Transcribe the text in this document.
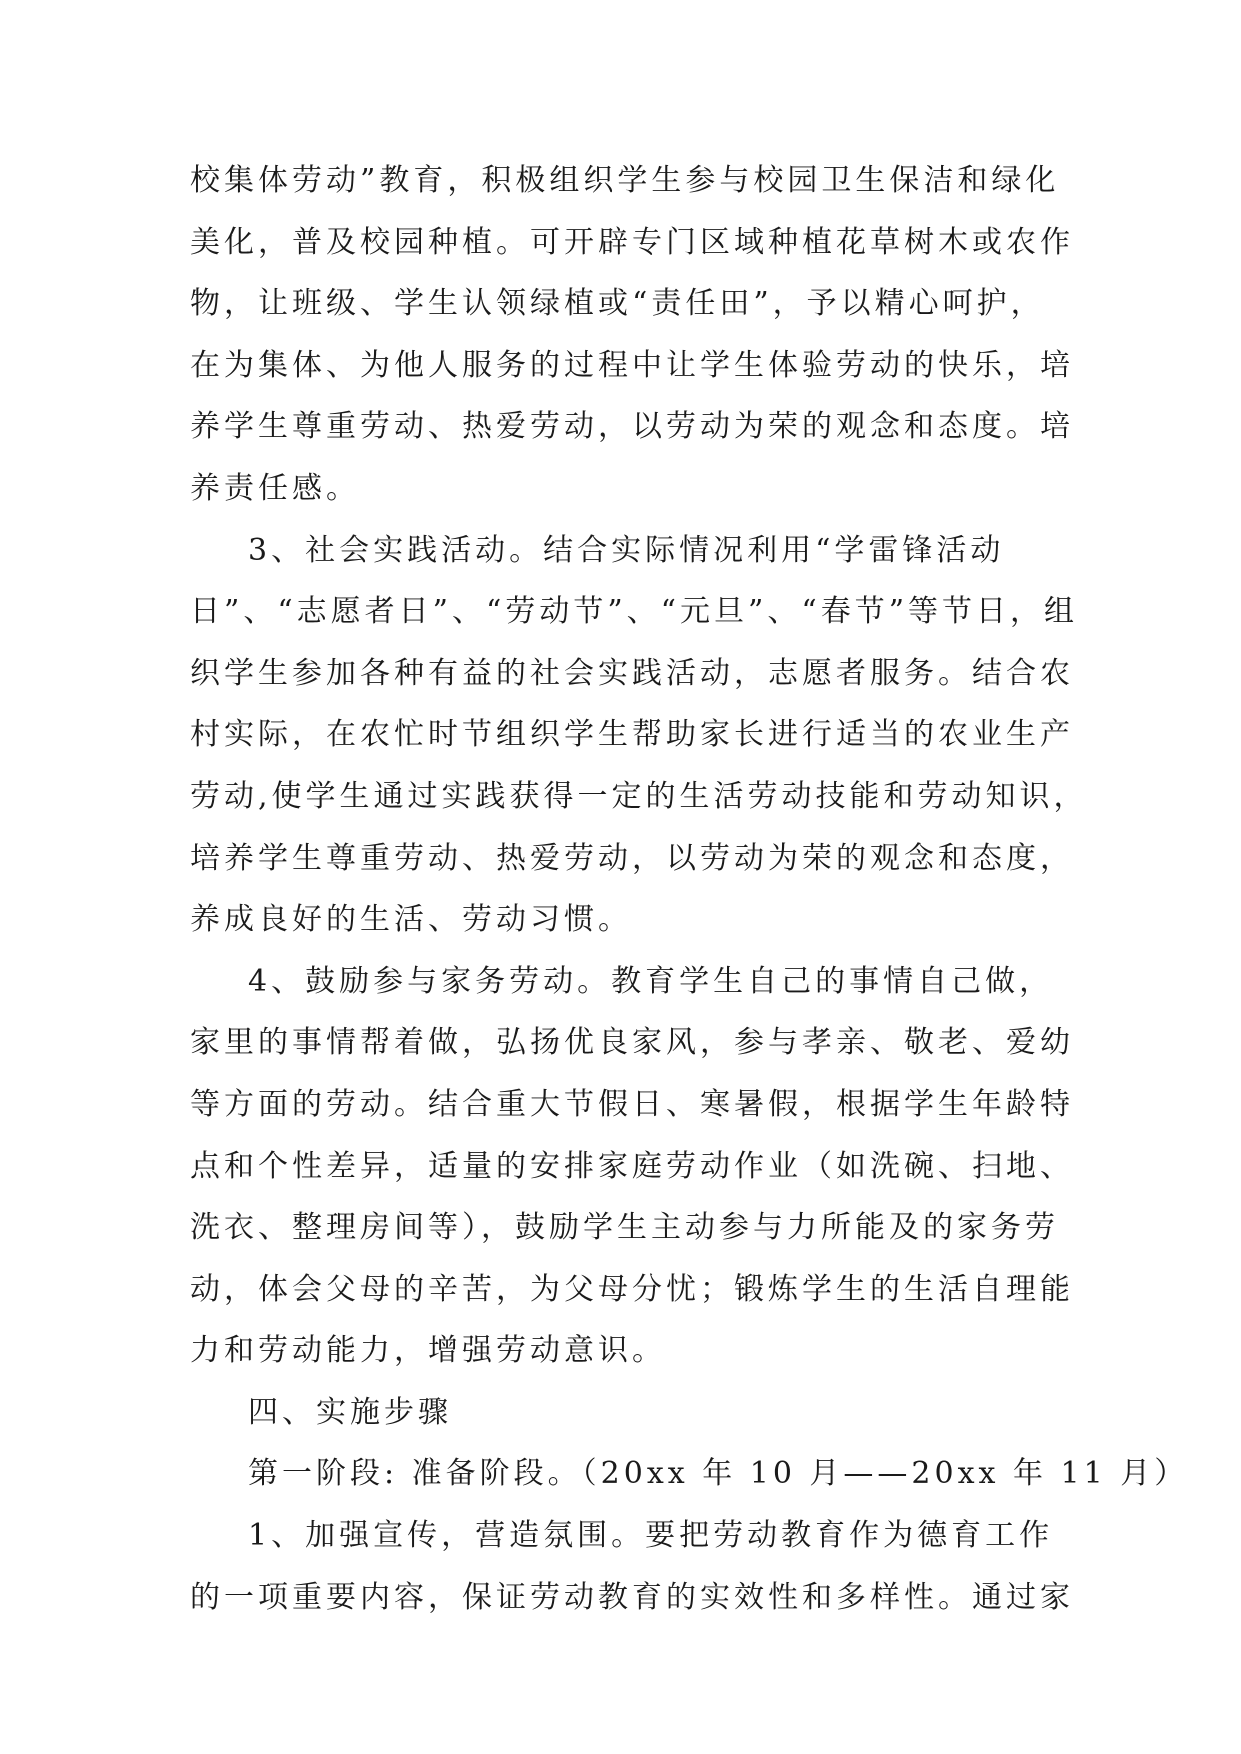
校集体劳动”教育，积极组织学生参与校园卫生保洁和绿化

美化，普及校园种植。可开辟专门区域种植花草树木或农作

物，让班级、学生认领绿植或“责任田”，予以精心呵护，

在为集体、为他人服务的过程中让学生体验劳动的快乐，培

养学生尊重劳动、热爱劳动，以劳动为荣的观念和态度。培

养责任感。

3、社会实践活动。结合实际情况利用“学雷锋活动

日”、“志愿者日”、“劳动节”、“元旦”、“春节”等节日，组

织学生参加各种有益的社会实践活动，志愿者服务。结合农

村实际，在农忙时节组织学生帮助家长进行适当的农业生产

劳动,使学生通过实践获得一定的生活劳动技能和劳动知识，

培养学生尊重劳动、热爱劳动，以劳动为荣的观念和态度，

养成良好的生活、劳动习惯。

4、鼓励参与家务劳动。教育学生自己的事情自己做，

家里的事情帮着做，弘扬优良家风，参与孝亲、敬老、爱幼

等方面的劳动。结合重大节假日、寒暑假，根据学生年龄特

点和个性差异，适量的安排家庭劳动作业（如洗碗、扫地、

洗衣、整理房间等），鼓励学生主动参与力所能及的家务劳

动，体会父母的辛苦，为父母分忧；锻炼学生的生活自理能

力和劳动能力，增强劳动意识。

四、实施步骤

第一阶段: 准备阶段。（20xx 年 10 月——20xx 年 11 月）

1、加强宣传，营造氛围。要把劳动教育作为德育工作

的一项重要内容，保证劳动教育的实效性和多样性。通过家
